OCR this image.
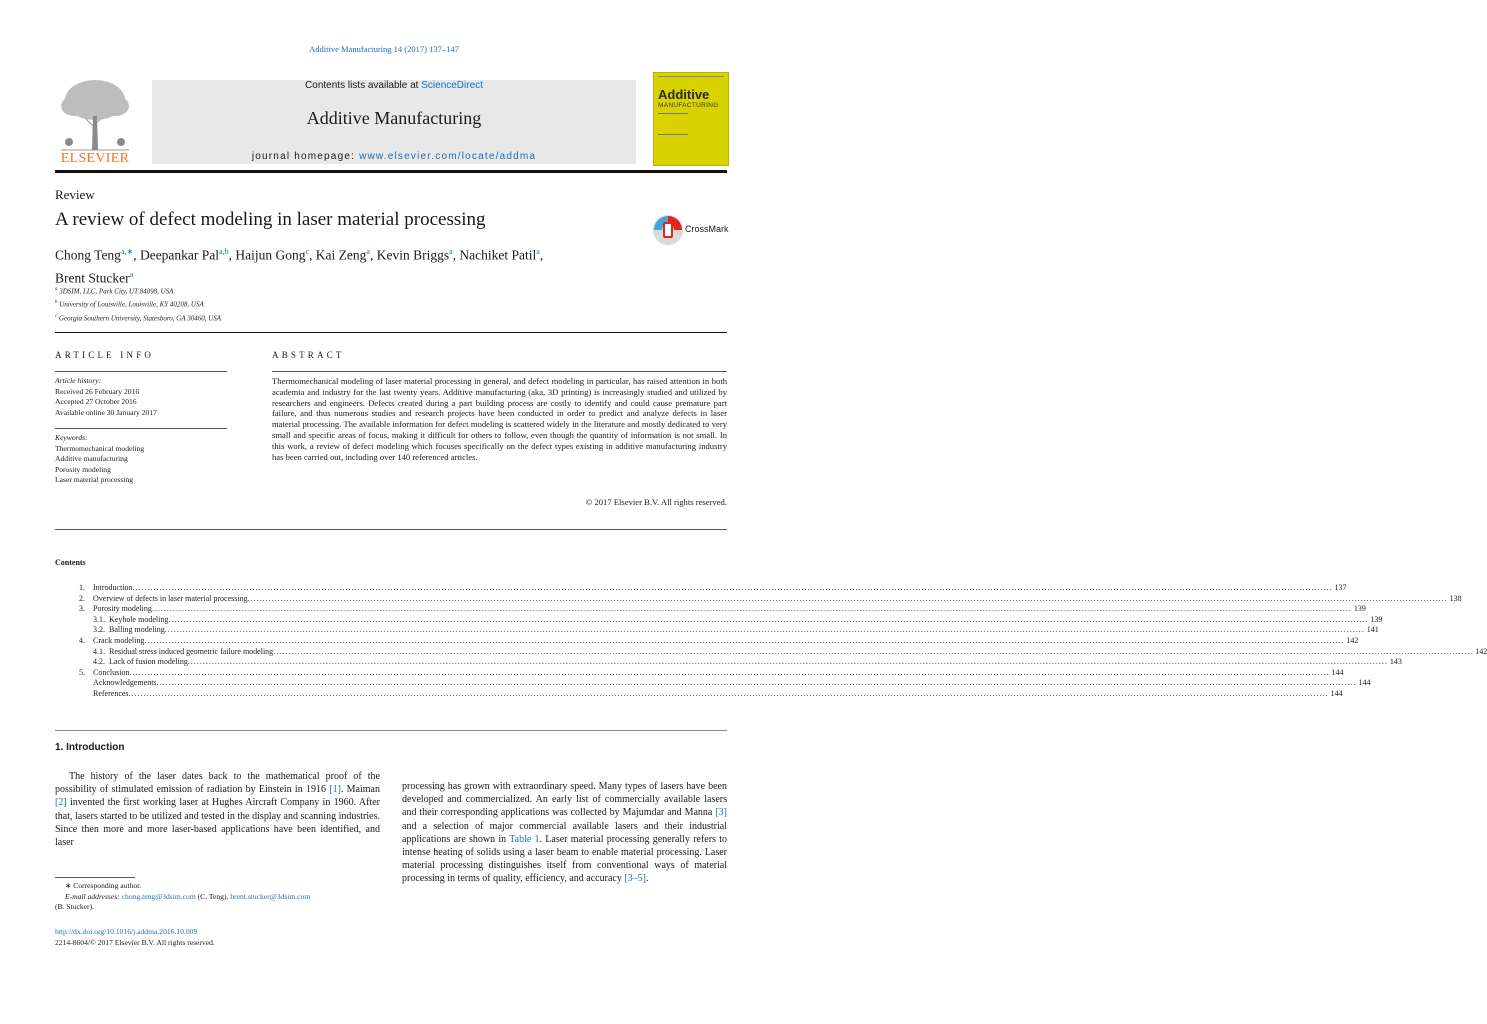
Additive Manufacturing 14 (2017) 137–147
ELSEVIER
Contents lists available at ScienceDirect
Additive Manufacturing
journal homepage: www.elsevier.com/locate/addma
Additive
MANUFACTURING
Review
A review of defect modeling in laser material processing	CrossMark
Chong Teng$^{a,∗}$, Deepankar Pal$^{a,b}$, Haijun Gong$^c$, Kai Zeng$^a$, Kevin Briggs$^a$, Nachiket Patil$^a$,
Brent Stucker$^a$
$^a$ 3DSIM, LLC, Park City, UT 84098, USA
$^b$ University of Louisville, Louisville, KY 40208, USA
$^c$ Georgia Southern University, Statesboro, GA 30460, USA
ARTICLE INFO	ABSTRACT
Article history:
Received 26 February 2016
Accepted 27 October 2016
Available online 30 January 2017
Keywords:
Thermomechanical modeling
Additive manufacturing
Porosity modeling
Laser material processing
Thermomechanical modeling of laser material processing in general, and defect modeling in particular, has raised attention in both academia and industry for the last twenty years. Additive manufacturing (aka, 3D printing) is increasingly studied and utilized by researchers and engineers. Defects created during a part building process are costly to identify and could cause premature part failure, and thus numerous studies and research projects have been conducted in order to predict and analyze defects in laser material processing. The available information for defect modeling is scattered widely in the literature and mostly dedicated to very small and specific areas of focus, making it difficult for others to follow, even though the quantity of information is not small. In this work, a review of defect modeling which focuses specifically on the defect types existing in additive manufacturing industry has been carried out, including over 140 referenced articles.
© 2017 Elsevier B.V. All rights reserved.
Contents
1.	Introduction ................................................................................................................................................................................................................................................................................................................................................................................................................ 137
2.	Overview of defects in laser material processing ................................................................................................................................................................................................................................................................................................................................................................................................................ 138
3.	Porosity modeling ................................................................................................................................................................................................................................................................................................................................................................................................................ 139
3.1. Keyhole modeling ................................................................................................................................................................................................................................................................................................................................................................................................................ 139
3.2. Balling modeling ................................................................................................................................................................................................................................................................................................................................................................................................................ 141
4.	Crack modeling ................................................................................................................................................................................................................................................................................................................................................................................................................ 142
4.1. Residual stress induced geometric failure modeling ................................................................................................................................................................................................................................................................................................................................................................................................................ 142
4.2. Lack of fusion modeling ................................................................................................................................................................................................................................................................................................................................................................................................................ 143
5.	Conclusion ................................................................................................................................................................................................................................................................................................................................................................................................................ 144
Acknowledgements ................................................................................................................................................................................................................................................................................................................................................................................................................ 144
References ................................................................................................................................................................................................................................................................................................................................................................................................................ 144
1. Introduction
The history of the laser dates back to the mathematical proof of the possibility of stimulated emission of radiation by Einstein in 1916 [1]. Maiman [2] invented the first working laser at Hughes Aircraft Company in 1960. After that, lasers started to be utilized and tested in the display and scanning industries. Since then more and more laser-based applications have been identified, and laser
processing has grown with extraordinary speed. Many types of lasers have been developed and commercialized. An early list of commercially available lasers and their corresponding applications was collected by Majumdar and Manna [3] and a selection of major commercial available lasers and their industrial applications are shown in Table 1. Laser material processing generally refers to intense heating of solids using a laser beam to enable material processing. Laser material processing distinguishes itself from conventional ways of material processing in terms of quality, efficiency, and accuracy [3–5].
∗ Corresponding author.
E-mail addresses: chong.teng@3dsim.com (C. Teng), brent.stucker@3dsim.com
(B. Stucker).
http://dx.doi.org/10.1016/j.addma.2016.10.009
2214-8604/© 2017 Elsevier B.V. All rights reserved.
